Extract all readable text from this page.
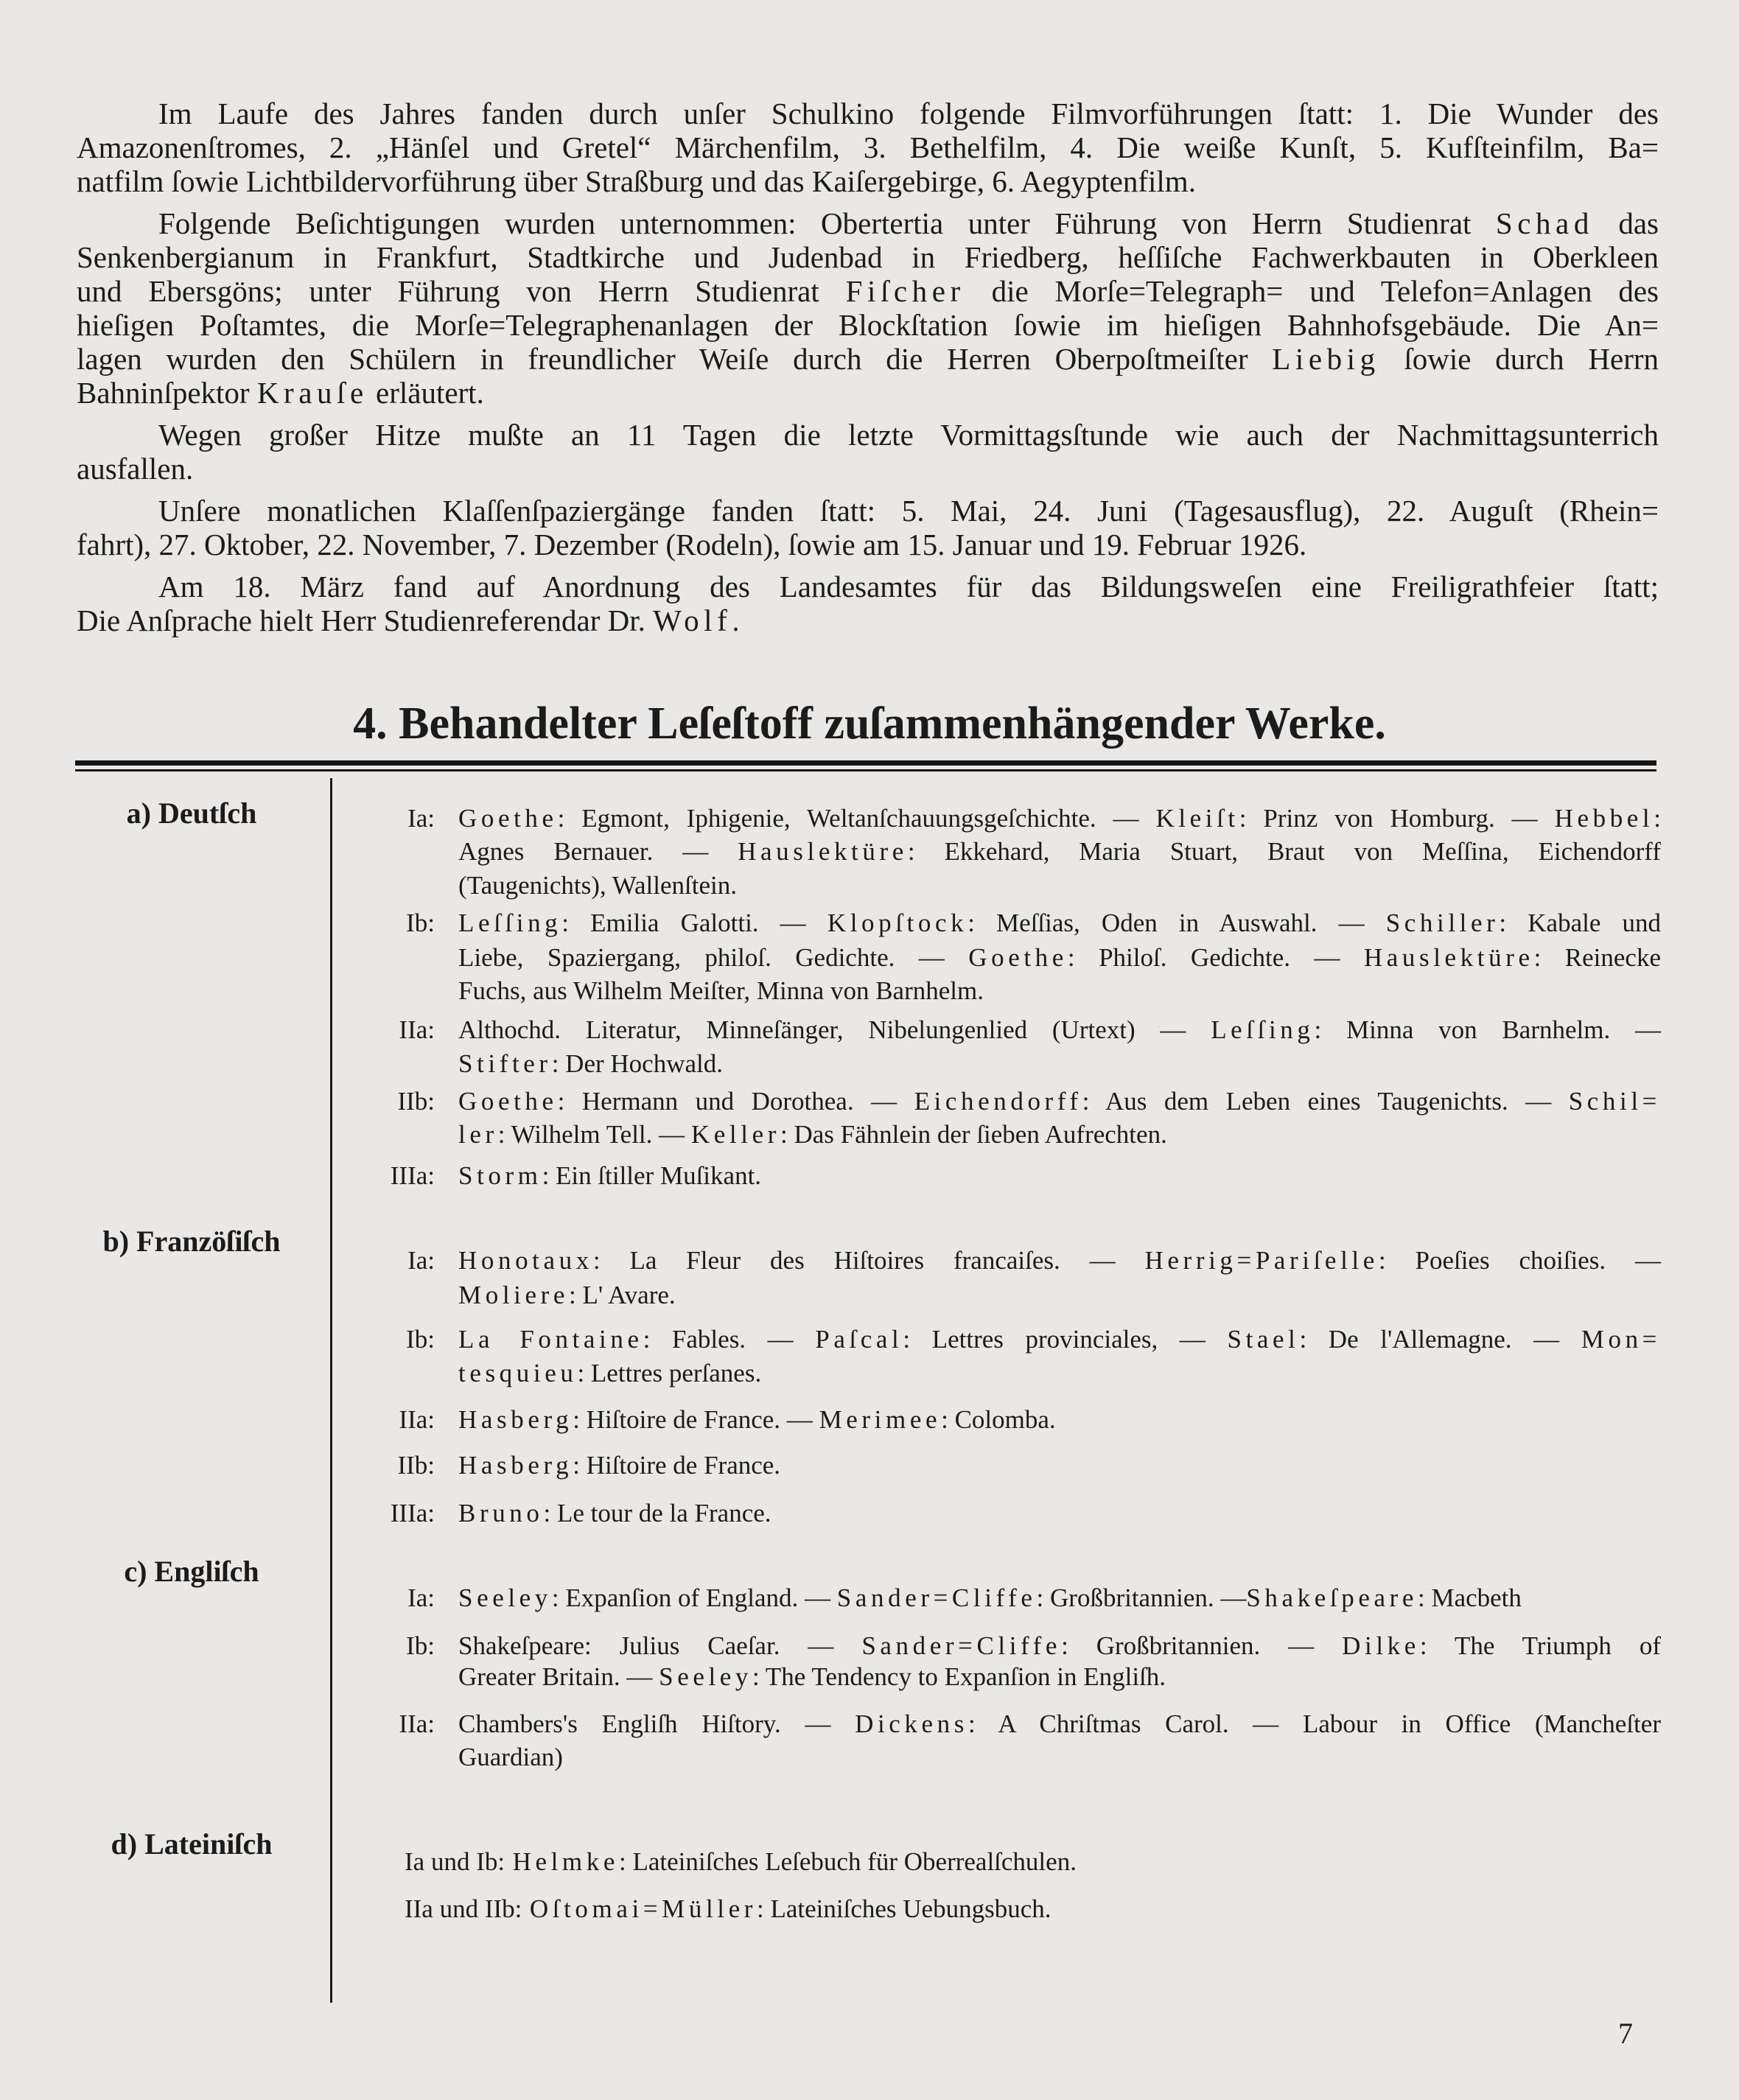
Im Laufe des Jahres fanden durch unſer Schulkino folgende Filmvorführungen ſtatt: 1. Die Wunder des
Amazonenſtromes, 2. „Hänſel und Gretel“ Märchenfilm, 3. Bethelfilm, 4. Die weiße Kunſt, 5. Kufſteinfilm, Ba=
natfilm ſowie Lichtbildervorführung über Straßburg und das Kaiſergebirge, 6. Aegyptenfilm.
Folgende Beſichtigungen wurden unternommen: Obertertia unter Führung von Herrn Studienrat Schad das
Senkenbergianum in Frankfurt, Stadtkirche und Judenbad in Friedberg, heſſiſche Fachwerkbauten in Oberkleen
und Ebersgöns; unter Führung von Herrn Studienrat Fiſcher die Morſe=Telegraph= und Telefon=Anlagen des
hieſigen Poſtamtes, die Morſe=Telegraphenanlagen der Blockſtation ſowie im hieſigen Bahnhofsgebäude. Die An=
lagen wurden den Schülern in freundlicher Weiſe durch die Herren Oberpoſtmeiſter Liebig ſowie durch Herrn
Bahninſpektor Krauſe erläutert.
Wegen großer Hitze mußte an 11 Tagen die letzte Vormittagsſtunde wie auch der Nachmittagsunterrich
ausfallen.
Unſere monatlichen Klaſſenſpaziergänge fanden ſtatt: 5. Mai, 24. Juni (Tagesausflug), 22. Auguſt (Rhein=
fahrt), 27. Oktober, 22. November, 7. Dezember (Rodeln), ſowie am 15. Januar und 19. Februar 1926.
Am 18. März fand auf Anordnung des Landesamtes für das Bildungsweſen eine Freiligrathfeier ſtatt;
Die Anſprache hielt Herr Studienreferendar Dr. Wolf.
4. Behandelter Leſeſtoff zuſammenhängender Werke.
a) Deutſch	Ia: Goethe: Egmont, Iphigenie, Weltanſchauungsgeſchichte. — Kleiſt: Prinz von Homburg. — Hebbel:
Agnes Bernauer. — Hauslektüre: Ekkehard, Maria Stuart, Braut von Meſſina, Eichendorff
(Taugenichts), Wallenſtein.
Ib: Leſſing: Emilia Galotti. — Klopſtock: Meſſias, Oden in Auswahl. — Schiller: Kabale und
Liebe, Spaziergang, philoſ. Gedichte. — Goethe: Philoſ. Gedichte. — Hauslektüre: Reinecke
Fuchs, aus Wilhelm Meiſter, Minna von Barnhelm.
IIa: Althochd. Literatur, Minneſänger, Nibelungenlied (Urtext) — Leſſing: Minna von Barnhelm. —
Stifter: Der Hochwald.
IIb: Goethe: Hermann und Dorothea. — Eichendorff: Aus dem Leben eines Taugenichts. — Schil=
ler: Wilhelm Tell. — Keller: Das Fähnlein der ſieben Aufrechten.
IIIa: Storm: Ein ſtiller Muſikant.
b) Franzöſiſch
Ia: Honotaux: La Fleur des Hiſtoires francaiſes. — Herrig=Pariſelle: Poeſies choiſies. —
Moliere: L' Avare.
Ib: La Fontaine: Fables. — Paſcal: Lettres provinciales, — Stael: De l'Allemagne. — Mon=
tesquieu: Lettres perſanes.
IIa: Hasberg: Hiſtoire de France. — Merimee: Colomba.
IIb: Hasberg: Hiſtoire de France.
IIIa: Bruno: Le tour de la France.
c) Engliſch
Ia: Seeley: Expanſion of England. — Sander=Cliffe: Großbritannien. —Shakeſpeare: Macbeth
Ib: Shakeſpeare: Julius Caeſar. — Sander=Cliffe: Großbritannien. — Dilke: The Triumph of
Greater Britain. — Seeley: The Tendency to Expanſion in Engliſh.
IIa: Chambers's Engliſh Hiſtory. — Dickens: A Chriſtmas Carol. — Labour in Office (Mancheſter
Guardian)
d) Lateiniſch
Ia und Ib: Helmke: Lateiniſches Leſebuch für Oberrealſchulen.
IIa und IIb: Oſtomai=Müller: Lateiniſches Uebungsbuch.
7
